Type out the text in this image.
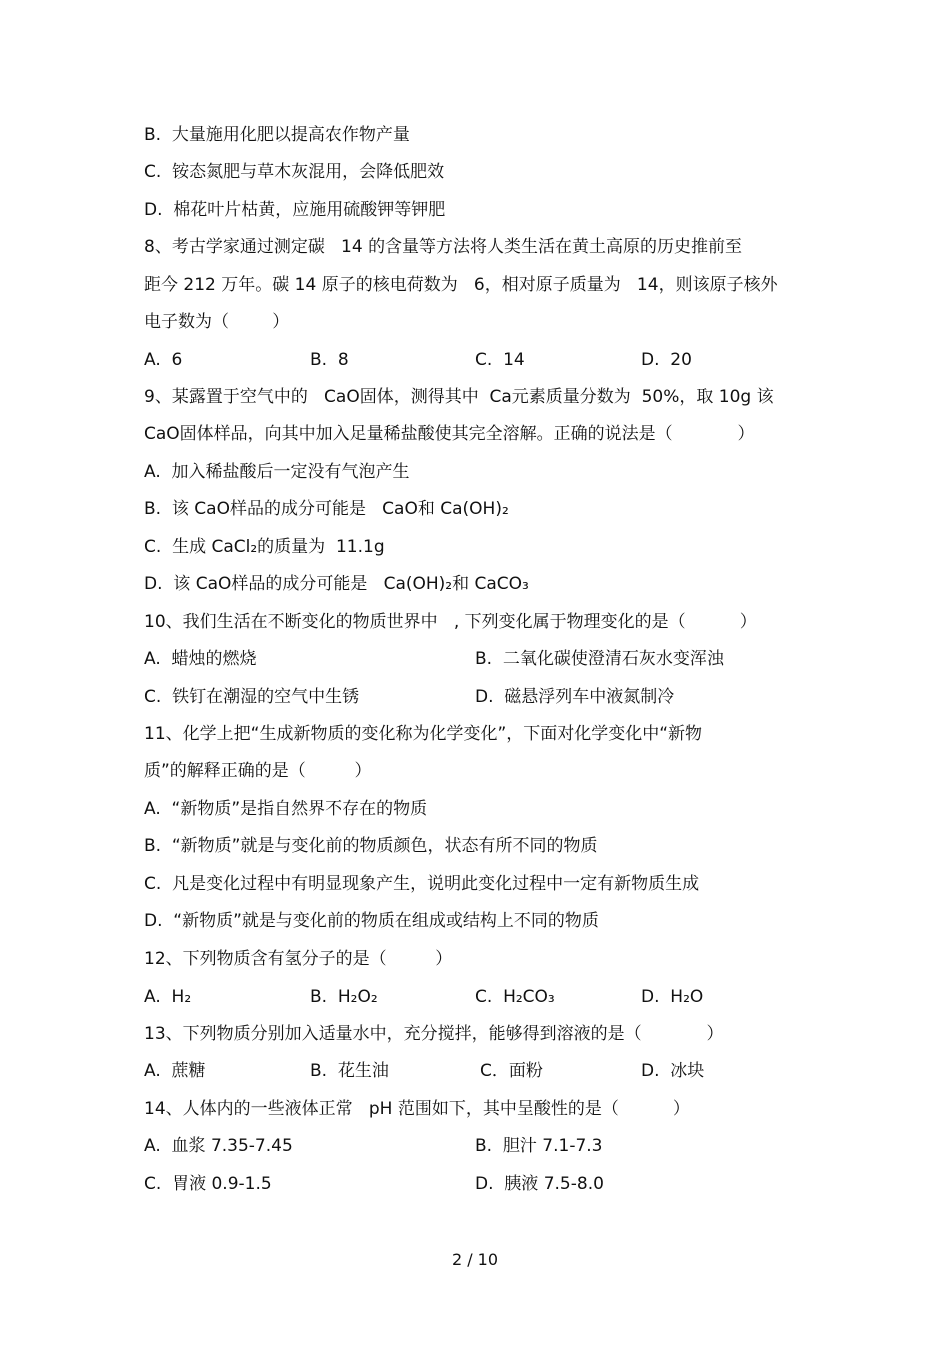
B.  大量施用化肥以提高农作物产量
C.  铵态氮肥与草木灰混用，会降低肥效
D.  棉花叶片枯黄，应施用硫酸钾等钾肥
8、考古学家通过测定碳   14 的含量等方法将人类生活在黄土高原的历史推前至
距今 212 万年。碳 14 原子的核电荷数为   6，相对原子质量为   14，则该原子核外
电子数为（        ）
A.  6	B.  8	C.  14	D.  20
9、某露置于空气中的   CaO固体，测得其中  Ca元素质量分数为  50%，取 10g 该
CaO固体样品，向其中加入足量稀盐酸使其完全溶解。正确的说法是（            ）
A.  加入稀盐酸后一定没有气泡产生
B.  该 CaO样品的成分可能是   CaO和 Ca(OH)₂
C.  生成 CaCl₂的质量为  11.1g
D.  该 CaO样品的成分可能是   Ca(OH)₂和 CaCO₃
10、我们生活在不断变化的物质世界中   , 下列变化属于物理变化的是（          ）
A.  蜡烛的燃烧	B.  二氧化碳使澄清石灰水变浑浊
C.  铁钉在潮湿的空气中生锈	D.  磁悬浮列车中液氮制冷
11、化学上把“生成新物质的变化称为化学变化”，下面对化学变化中“新物
质”的解释正确的是（         ）
A.  “新物质”是指自然界不存在的物质
B.  “新物质”就是与变化前的物质颜色，状态有所不同的物质
C.  凡是变化过程中有明显现象产生，说明此变化过程中一定有新物质生成
D.  “新物质”就是与变化前的物质在组成或结构上不同的物质
12、下列物质含有氢分子的是（         ）
A.  H₂	B.  H₂O₂	C.  H₂CO₃	D.  H₂O
13、下列物质分别加入适量水中，充分搅拌，能够得到溶液的是（            ）
A.  蔗糖	B.  花生油	C．面粉	D.  冰块
14、人体内的一些液体正常   pH 范围如下，其中呈酸性的是（          ）
A.  血浆 7.35-7.45	B.  胆汁 7.1-7.3
C.  胃液 0.9-1.5	D.  胰液 7.5-8.0
2 / 10
